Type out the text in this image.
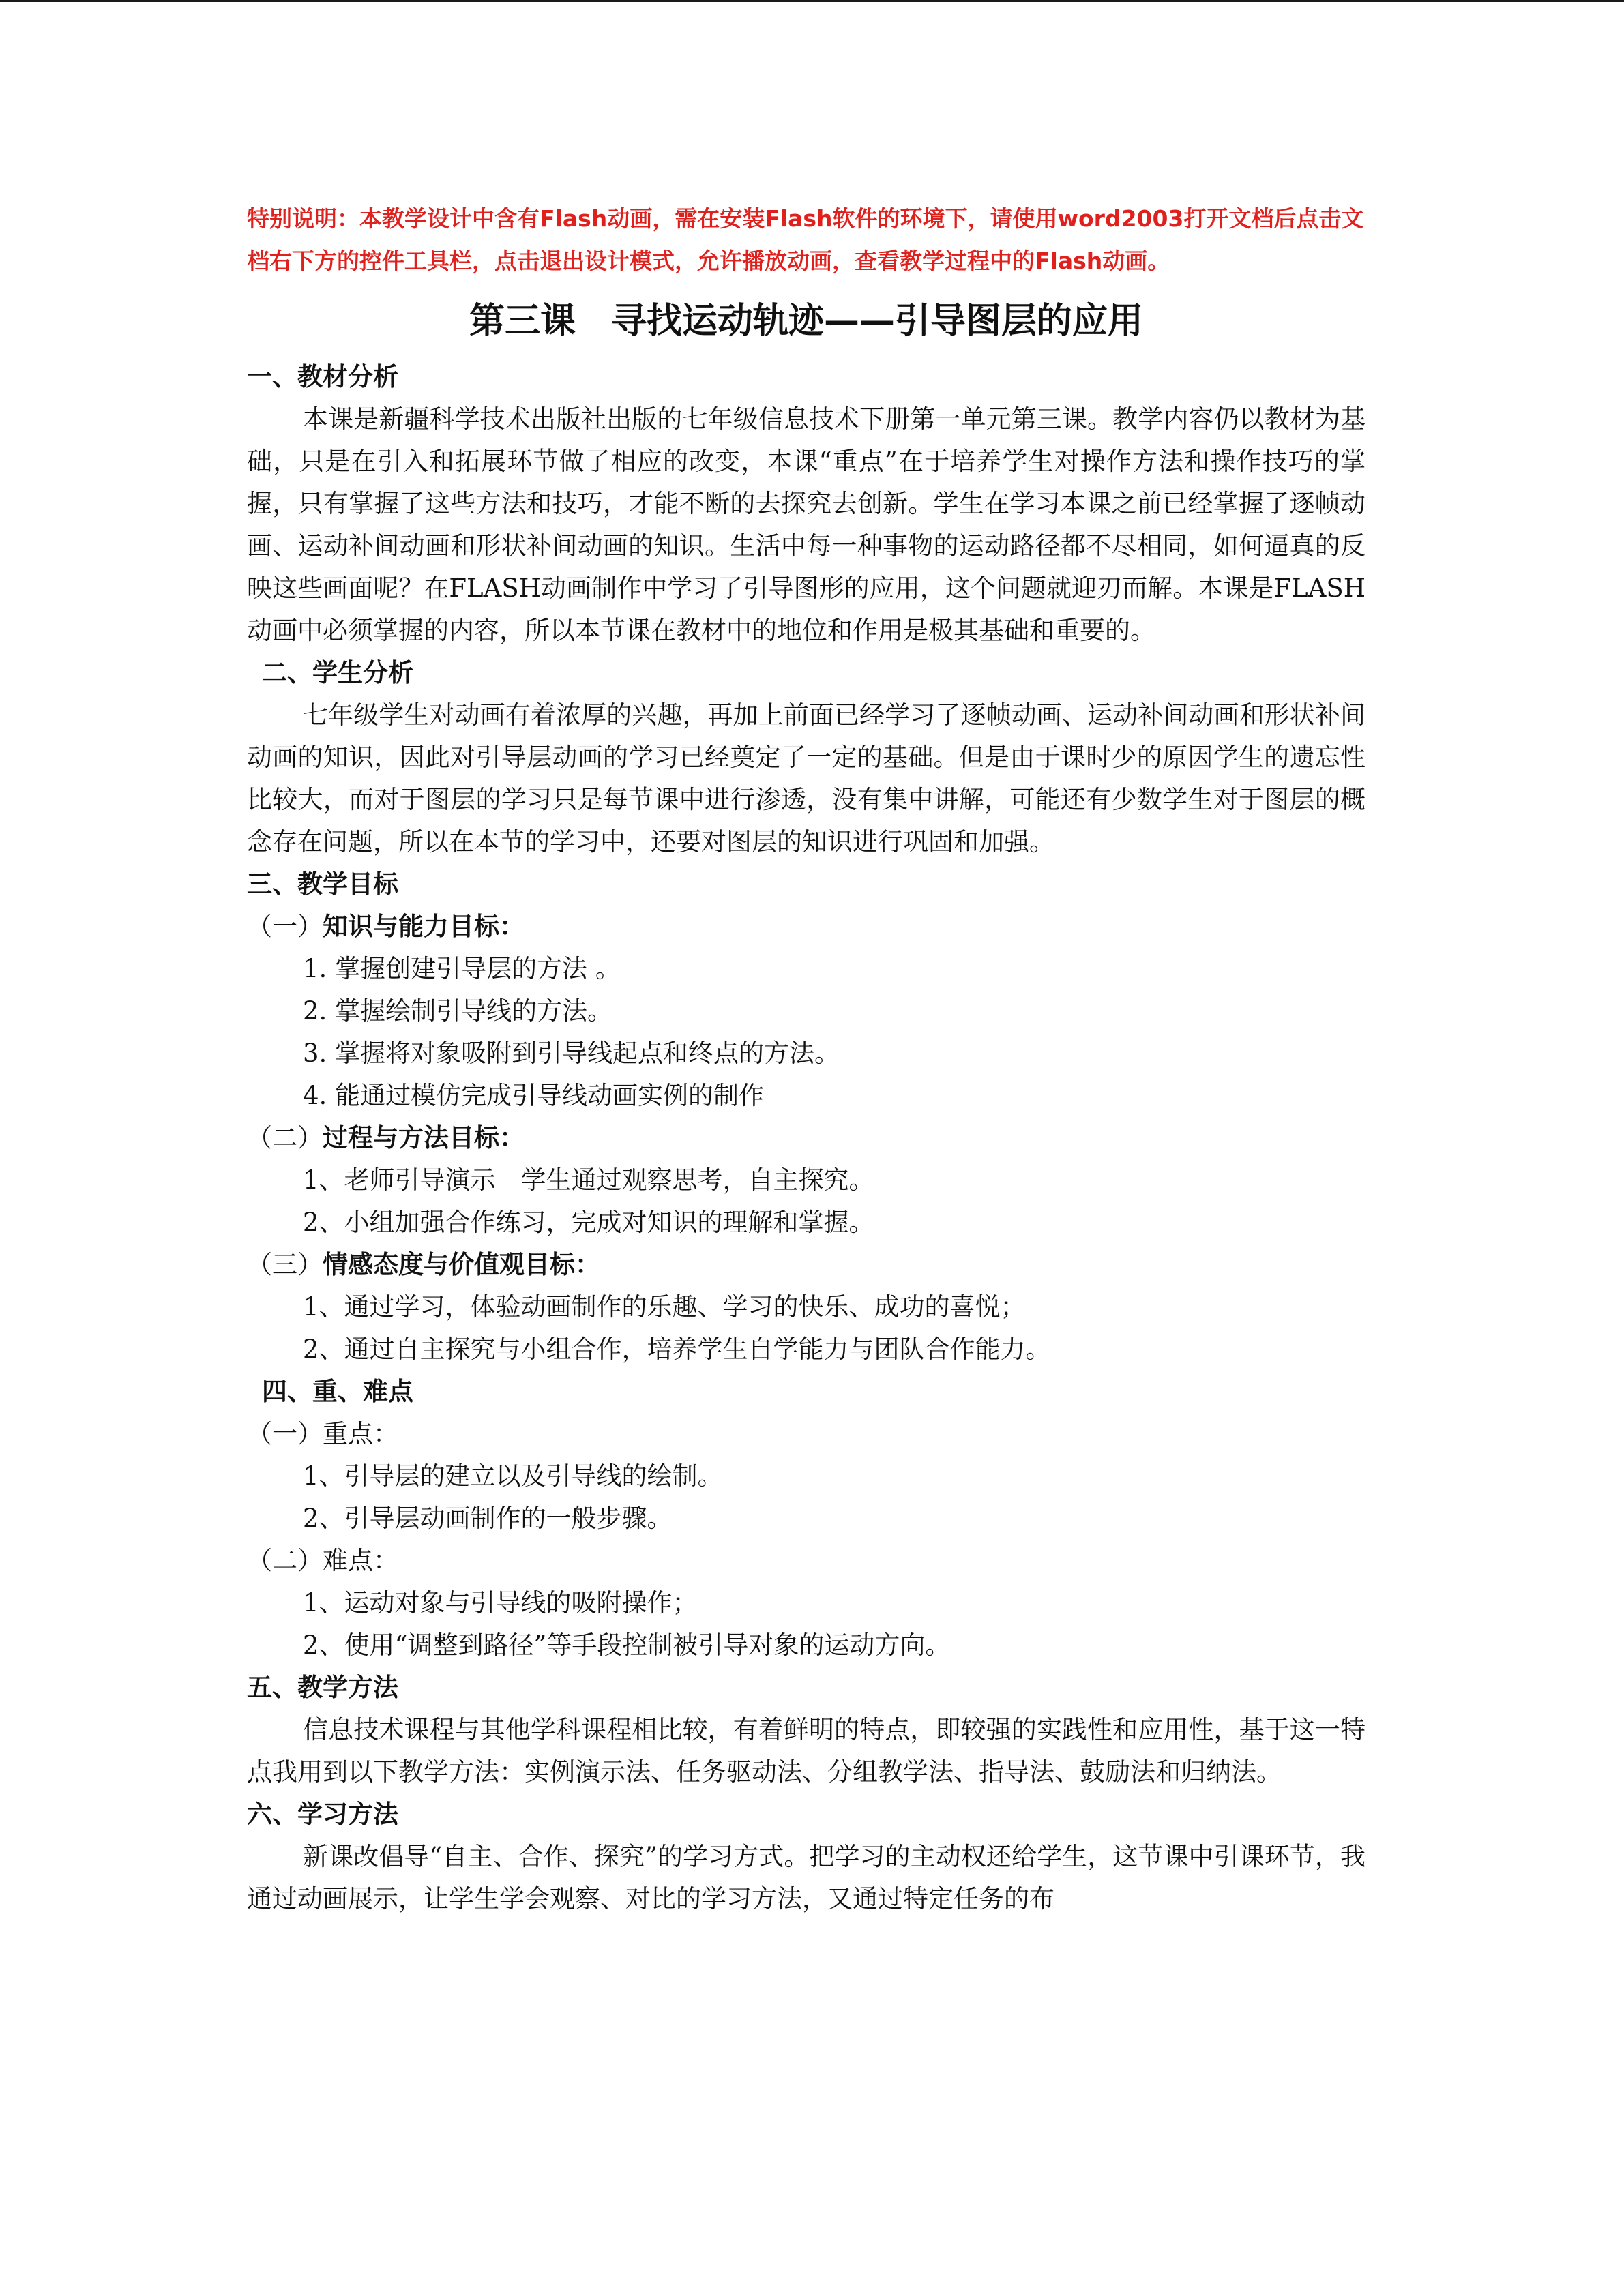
特别说明：本教学设计中含有Flash动画，需在安装Flash软件的环境下，请使用word2003打开文档后点击文档右下方的控件工具栏，点击退出设计模式，允许播放动画，查看教学过程中的Flash动画。

第三课　寻找运动轨迹——引导图层的应用

一、教材分析

本课是新疆科学技术出版社出版的七年级信息技术下册第一单元第三课。教学内容仍以教材为基础，只是在引入和拓展环节做了相应的改变，本课“重点”在于培养学生对操作方法和操作技巧的掌握，只有掌握了这些方法和技巧，才能不断的去探究去创新。学生在学习本课之前已经掌握了逐帧动画、运动补间动画和形状补间动画的知识。生活中每一种事物的运动路径都不尽相同，如何逼真的反映这些画面呢？在FLASH动画制作中学习了引导图形的应用，这个问题就迎刃而解。本课是FLASH动画中必须掌握的内容，所以本节课在教材中的地位和作用是极其基础和重要的。

二、学生分析

七年级学生对动画有着浓厚的兴趣，再加上前面已经学习了逐帧动画、运动补间动画和形状补间动画的知识，因此对引导层动画的学习已经奠定了一定的基础。但是由于课时少的原因学生的遗忘性比较大，而对于图层的学习只是每节课中进行渗透，没有集中讲解，可能还有少数学生对于图层的概念存在问题，所以在本节的学习中，还要对图层的知识进行巩固和加强。

三、教学目标

（一）知识与能力目标：

1. 掌握创建引导层的方法 。

2. 掌握绘制引导线的方法。

3. 掌握将对象吸附到引导线起点和终点的方法。

4. 能通过模仿完成引导线动画实例的制作

（二）过程与方法目标：

1、老师引导演示　学生通过观察思考，自主探究。

2、小组加强合作练习，完成对知识的理解和掌握。

（三）情感态度与价值观目标：

1、通过学习，体验动画制作的乐趣、学习的快乐、成功的喜悦；

2、通过自主探究与小组合作，培养学生自学能力与团队合作能力。

四、重、难点

（一）重点：

1、引导层的建立以及引导线的绘制。

2、引导层动画制作的一般步骤。

（二）难点：

1、运动对象与引导线的吸附操作；

2、使用“调整到路径”等手段控制被引导对象的运动方向。

五、教学方法

信息技术课程与其他学科课程相比较，有着鲜明的特点，即较强的实践性和应用性，基于这一特点我用到以下教学方法：实例演示法、任务驱动法、分组教学法、指导法、鼓励法和归纳法。

六、学习方法

新课改倡导“自主、合作、探究”的学习方式。把学习的主动权还给学生，这节课中引课环节，我通过动画展示，让学生学会观察、对比的学习方法，又通过特定任务的布
